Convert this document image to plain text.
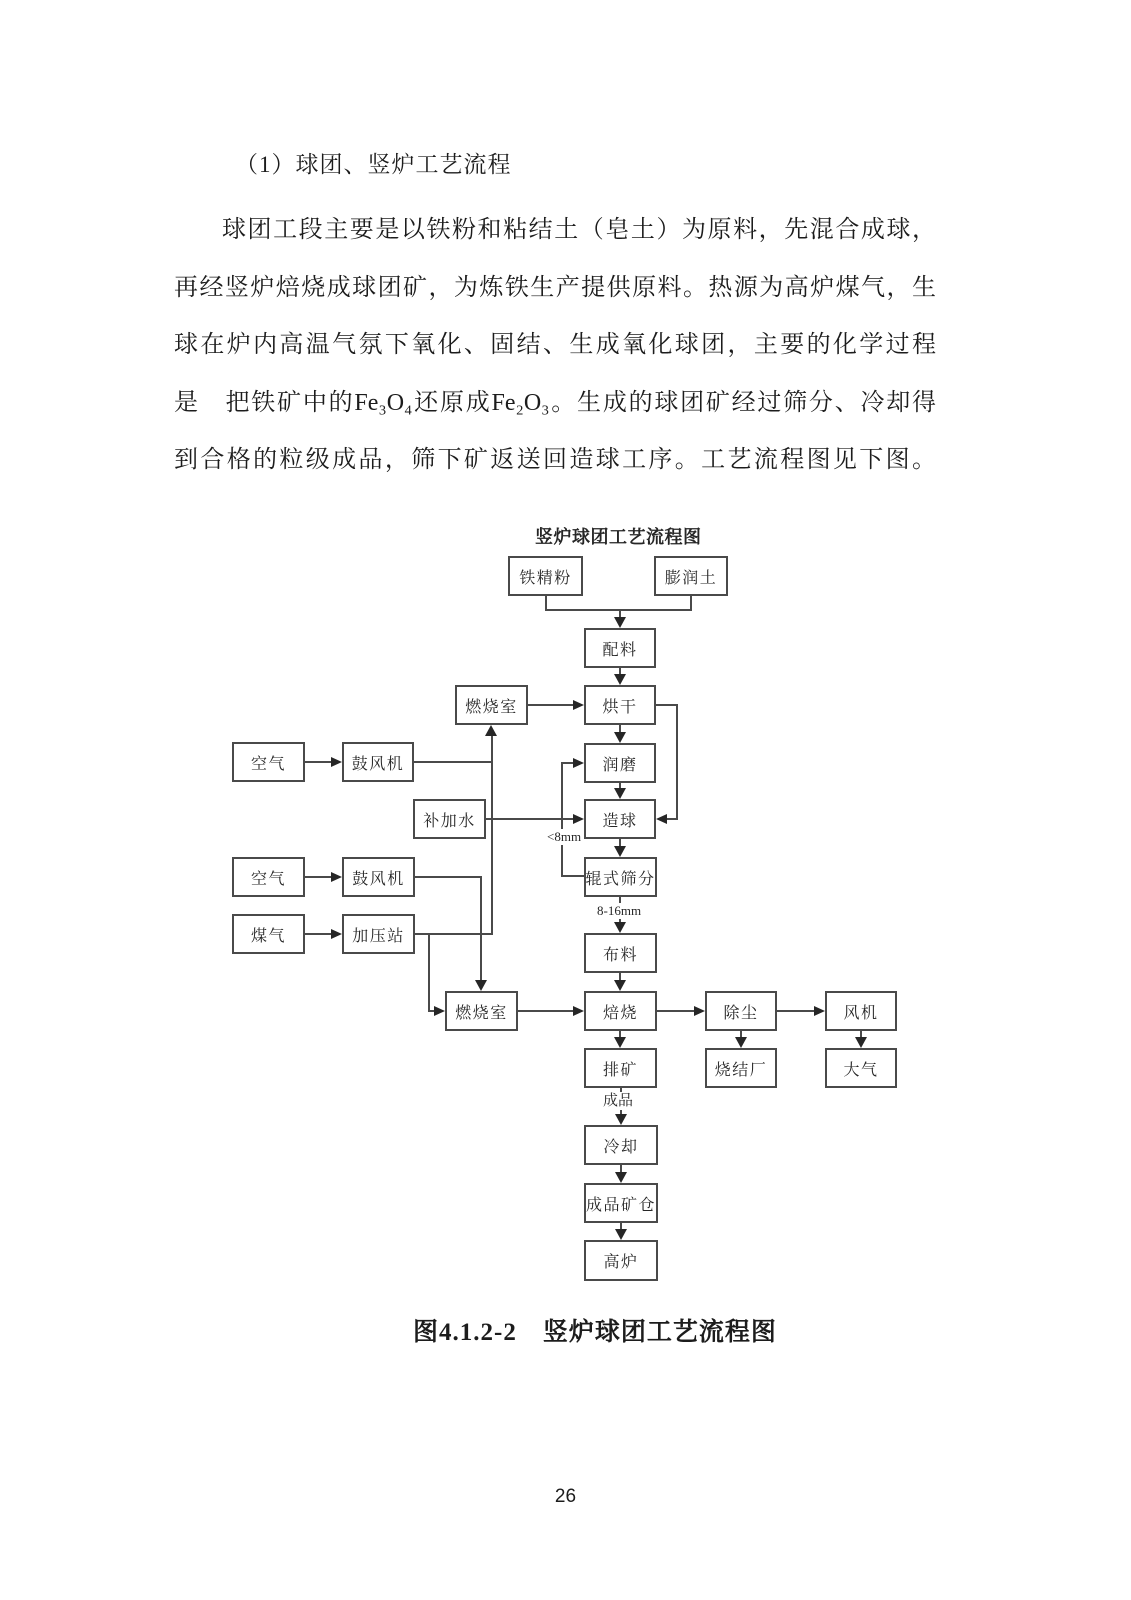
（1）球团、竖炉工艺流程
球团工段主要是以铁粉和粘结土（皂土）为原料，先混合成球，
再经竖炉焙烧成球团矿，为炼铁生产提供原料。热源为高炉煤气，生
球在炉内高温气氛下氧化、固结、生成氧化球团，主要的化学过程
是　把铁矿中的Fe₃O₄还原成Fe₂O₃。生成的球团矿经过筛分、冷却得
到合格的粒级成品，筛下矿返送回造球工序。工艺流程图见下图。
竖炉球团工艺流程图
铁精粉	膨润土
配料
燃烧室	烘干
空气	鼓风机	润磨
补加水	造球
空气	鼓风机	辊式筛分
煤气	加压站
布料
燃烧室	焙烧	除尘	风机
排矿	烧结厂	大气
冷却
成品矿仓
高炉
<8mm
8-16mm
成品
图4.1.2-2　竖炉球团工艺流程图
26
